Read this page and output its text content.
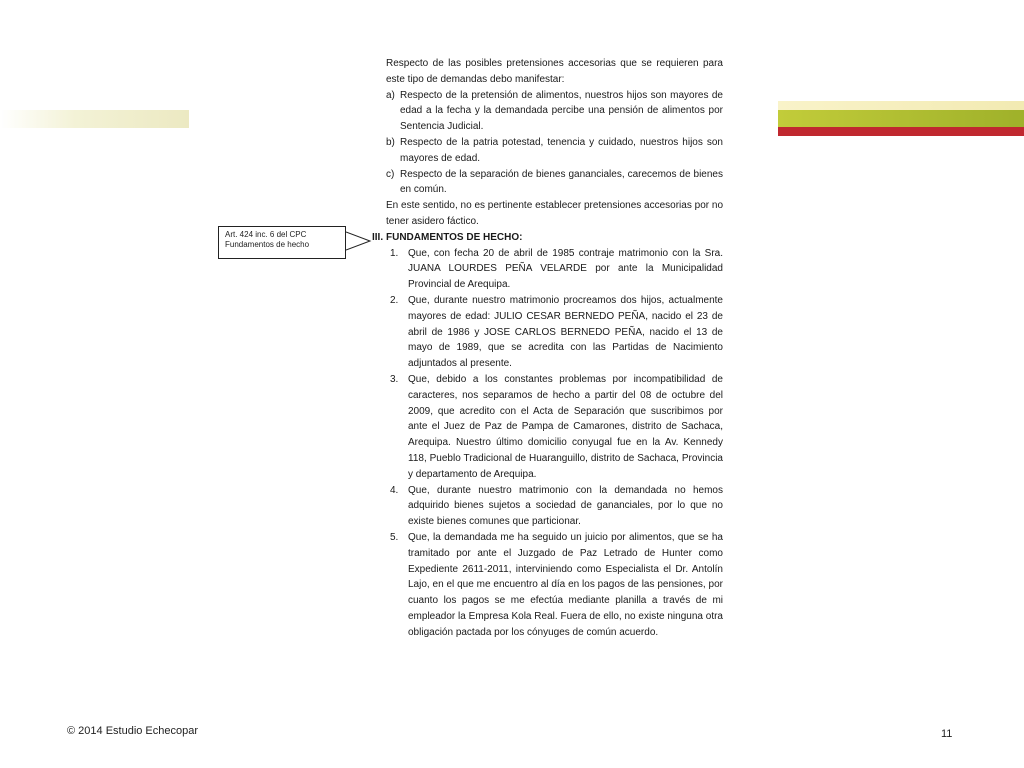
Art. 424 inc. 6 del CPC
Fundamentos de hecho

Respecto de las posibles pretensiones accesorias que se requieren para este tipo de demandas debo manifestar:

a) Respecto de la pretensión de alimentos, nuestros hijos son mayores de edad a la fecha y la demandada percibe una pensión de alimentos por Sentencia Judicial.
b) Respecto de la patria potestad, tenencia y cuidado, nuestros hijos son mayores de edad.
c) Respecto de la separación de bienes gananciales, carecemos de bienes en común.

En este sentido, no es pertinente establecer pretensiones accesorias por no tener asidero fáctico.

III. FUNDAMENTOS DE HECHO:
1. Que, con fecha 20 de abril de 1985 contraje matrimonio con la Sra. JUANA LOURDES PEÑA VELARDE por ante la Municipalidad Provincial de Arequipa.
2. Que, durante nuestro matrimonio procreamos dos hijos, actualmente mayores de edad: JULIO CESAR BERNEDO PEÑA, nacido el 23 de abril de 1986 y JOSE CARLOS BERNEDO PEÑA, nacido el 13 de mayo de 1989, que se acredita con las Partidas de Nacimiento adjuntados al presente.
3. Que, debido a los constantes problemas por incompatibilidad de caracteres, nos separamos de hecho a partir del 08 de octubre del 2009, que acredito con el Acta de Separación que suscribimos por ante el Juez de Paz de Pampa de Camarones, distrito de Sachaca, Arequipa. Nuestro último domicilio conyugal fue en la Av. Kennedy 118, Pueblo Tradicional de Huaranguillo, distrito de Sachaca, Provincia y departamento de Arequipa.
4. Que, durante nuestro matrimonio con la demandada no hemos adquirido bienes sujetos a sociedad de gananciales, por lo que no existe bienes comunes que particionar.
5. Que, la demandada me ha seguido un juicio por alimentos, que se ha tramitado por ante el Juzgado de Paz Letrado de Hunter como Expediente 2611-2011, interviniendo como Especialista el Dr. Antolín Lajo, en el que me encuentro al día en los pagos de las pensiones, por cuanto los pagos se me efectúa mediante planilla a través de mi empleador la Empresa Kola Real. Fuera de ello, no existe ninguna otra obligación pactada por los cónyuges de común acuerdo.
© 2014 Estudio Echecopar	11
